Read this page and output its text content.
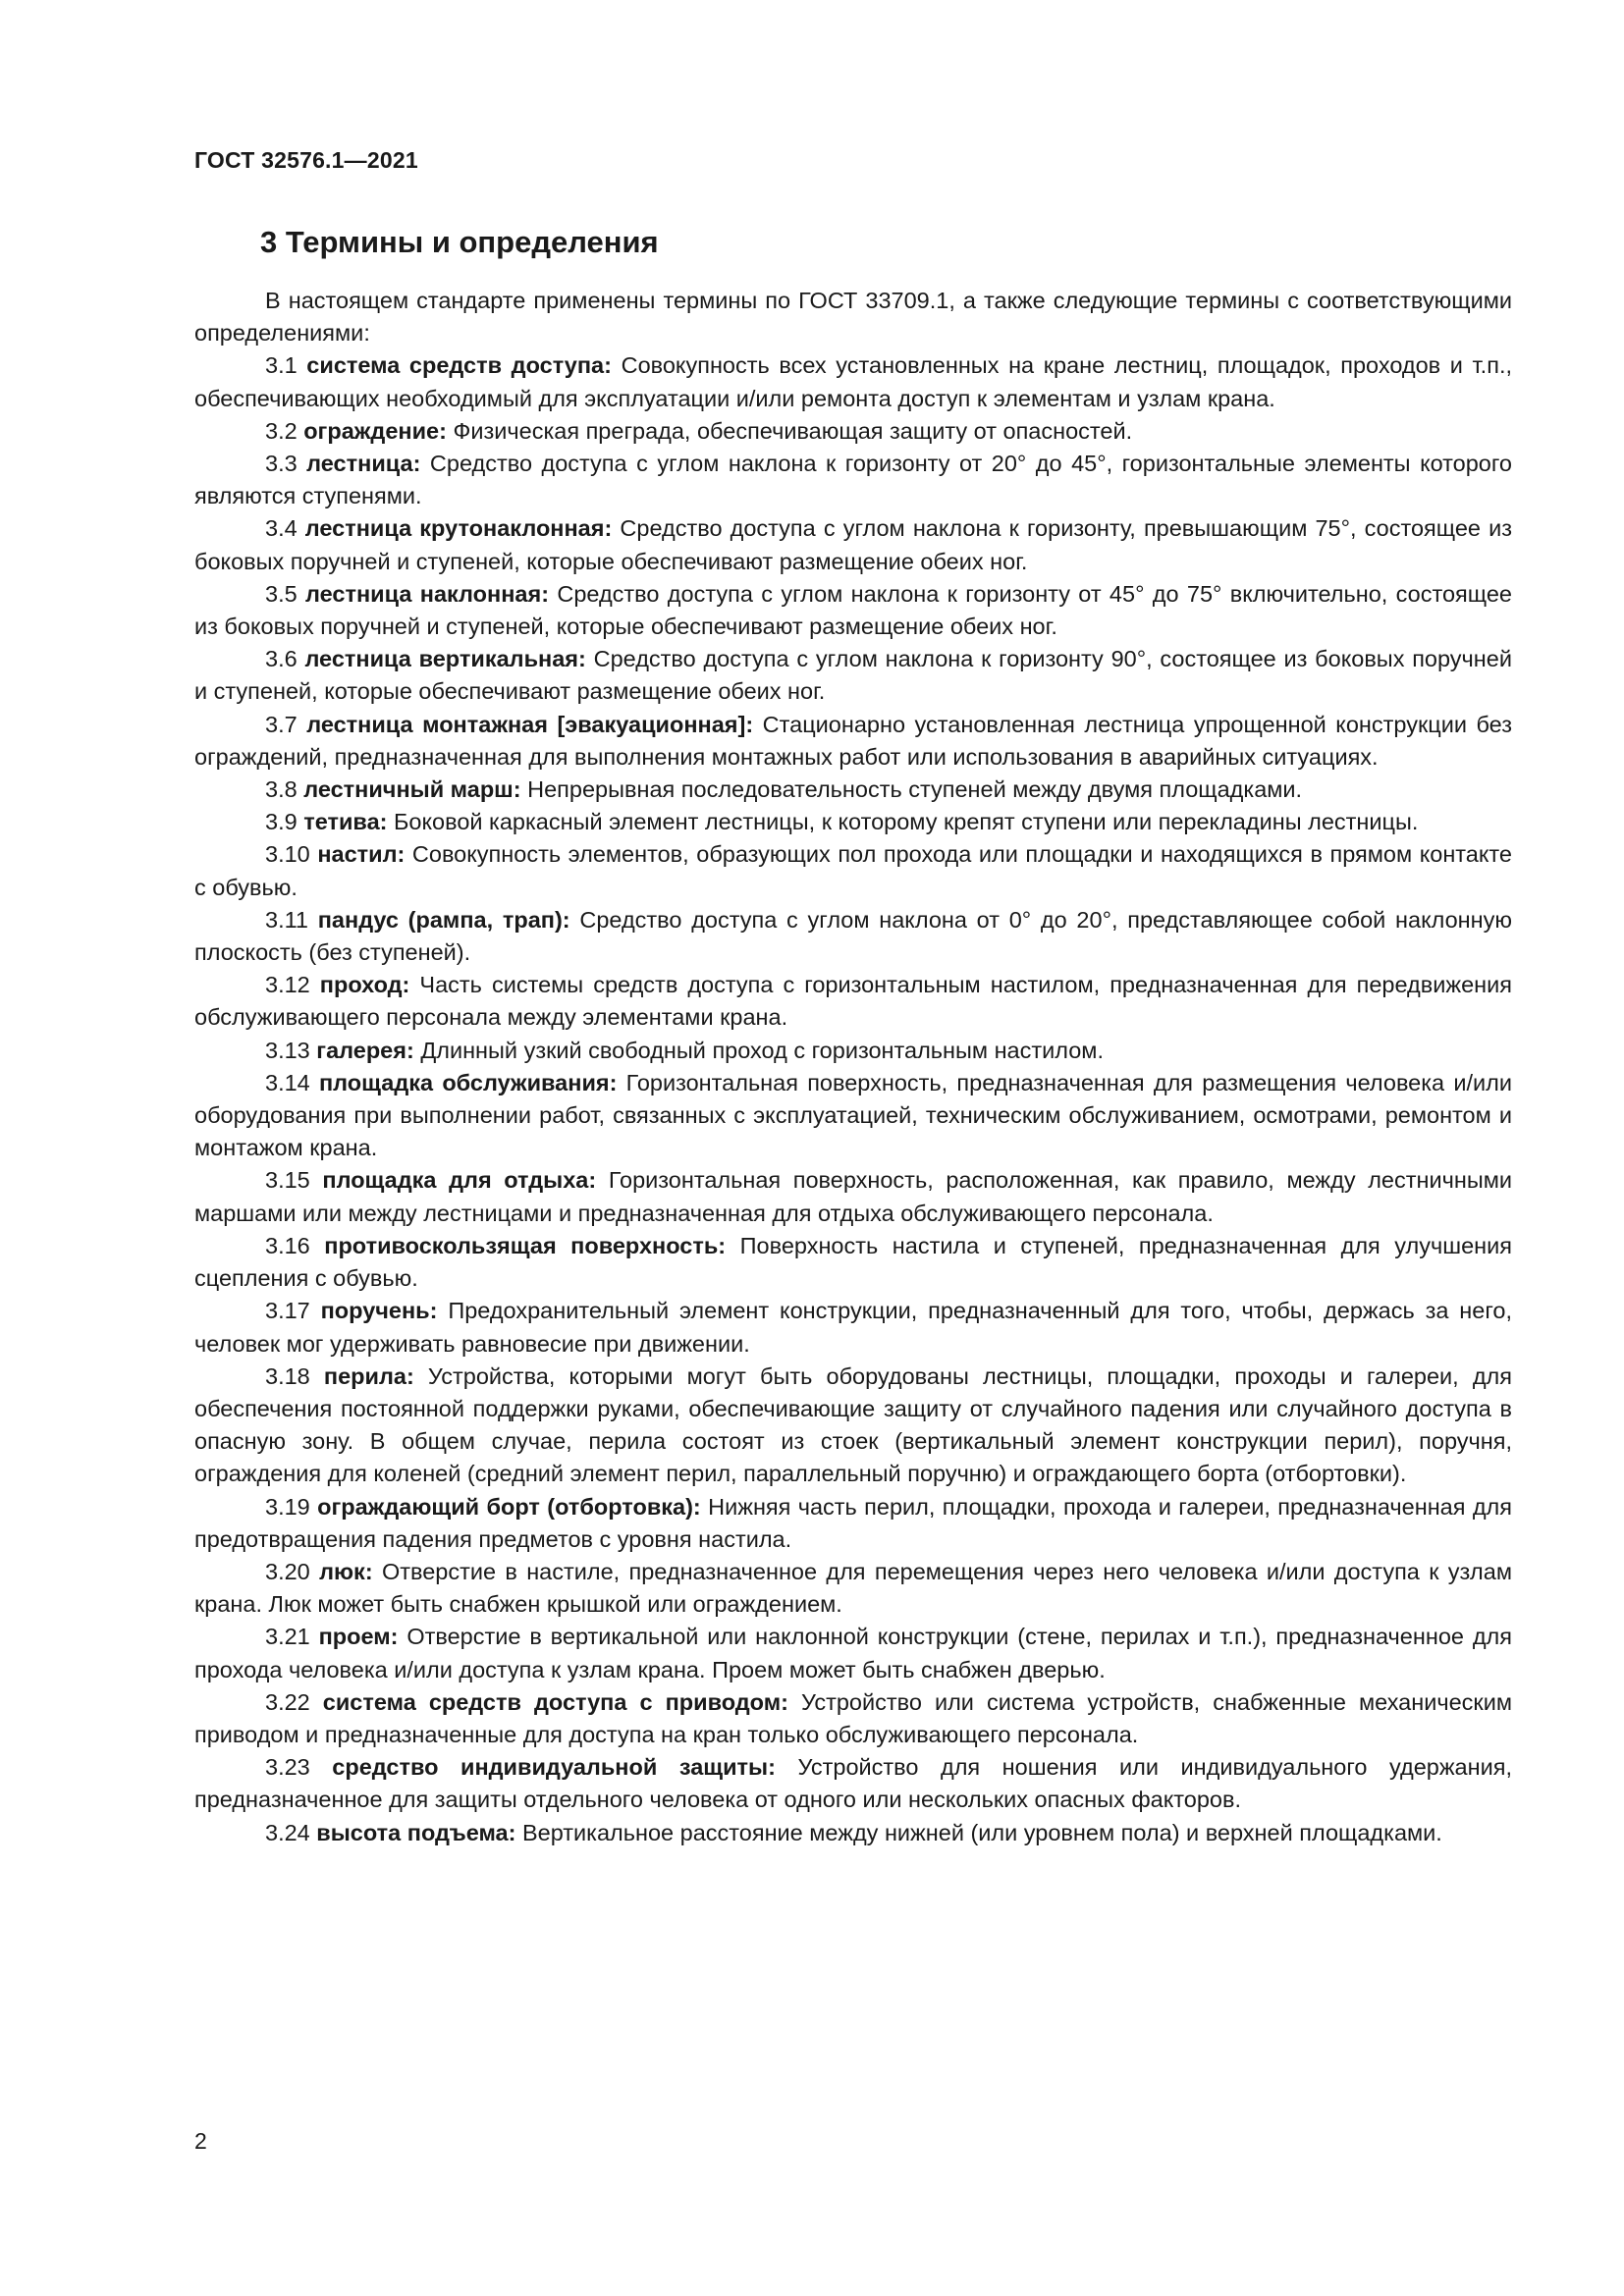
ГОСТ 32576.1—2021
3 Термины и определения

В настоящем стандарте применены термины по ГОСТ 33709.1, а также следующие термины с соответствующими определениями:

3.1 система средств доступа: Совокупность всех установленных на кране лестниц, площадок, проходов и т.п., обеспечивающих необходимый для эксплуатации и/или ремонта доступ к элементам и узлам крана.

3.2 ограждение: Физическая преграда, обеспечивающая защиту от опасностей.

3.3 лестница: Средство доступа с углом наклона к горизонту от 20° до 45°, горизонтальные элементы которого являются ступенями.

3.4 лестница крутонаклонная: Средство доступа с углом наклона к горизонту, превышающим 75°, состоящее из боковых поручней и ступеней, которые обеспечивают размещение обеих ног.

3.5 лестница наклонная: Средство доступа с углом наклона к горизонту от 45° до 75° включительно, состоящее из боковых поручней и ступеней, которые обеспечивают размещение обеих ног.

3.6 лестница вертикальная: Средство доступа с углом наклона к горизонту 90°, состоящее из боковых поручней и ступеней, которые обеспечивают размещение обеих ног.

3.7 лестница монтажная [эвакуационная]: Стационарно установленная лестница упрощенной конструкции без ограждений, предназначенная для выполнения монтажных работ или использования в аварийных ситуациях.

3.8 лестничный марш: Непрерывная последовательность ступеней между двумя площадками.

3.9 тетива: Боковой каркасный элемент лестницы, к которому крепят ступени или перекладины лестницы.

3.10 настил: Совокупность элементов, образующих пол прохода или площадки и находящихся в прямом контакте с обувью.

3.11 пандус (рампа, трап): Средство доступа с углом наклона от 0° до 20°, представляющее собой наклонную плоскость (без ступеней).

3.12 проход: Часть системы средств доступа с горизонтальным настилом, предназначенная для передвижения обслуживающего персонала между элементами крана.

3.13 галерея: Длинный узкий свободный проход с горизонтальным настилом.

3.14 площадка обслуживания: Горизонтальная поверхность, предназначенная для размещения человека и/или оборудования при выполнении работ, связанных с эксплуатацией, техническим обслуживанием, осмотрами, ремонтом и монтажом крана.

3.15 площадка для отдыха: Горизонтальная поверхность, расположенная, как правило, между лестничными маршами или между лестницами и предназначенная для отдыха обслуживающего персонала.

3.16 противоскользящая поверхность: Поверхность настила и ступеней, предназначенная для улучшения сцепления с обувью.

3.17 поручень: Предохранительный элемент конструкции, предназначенный для того, чтобы, держась за него, человек мог удерживать равновесие при движении.

3.18 перила: Устройства, которыми могут быть оборудованы лестницы, площадки, проходы и галереи, для обеспечения постоянной поддержки руками, обеспечивающие защиту от случайного падения или случайного доступа в опасную зону. В общем случае, перила состоят из стоек (вертикальный элемент конструкции перил), поручня, ограждения для коленей (средний элемент перил, параллельный поручню) и ограждающего борта (отбортовки).

3.19 ограждающий борт (отбортовка): Нижняя часть перил, площадки, прохода и галереи, предназначенная для предотвращения падения предметов с уровня настила.

3.20 люк: Отверстие в настиле, предназначенное для перемещения через него человека и/или доступа к узлам крана. Люк может быть снабжен крышкой или ограждением.

3.21 проем: Отверстие в вертикальной или наклонной конструкции (стене, перилах и т.п.), предназначенное для прохода человека и/или доступа к узлам крана. Проем может быть снабжен дверью.

3.22 система средств доступа с приводом: Устройство или система устройств, снабженные механическим приводом и предназначенные для доступа на кран только обслуживающего персонала.

3.23 средство индивидуальной защиты: Устройство для ношения или индивидуального удержания, предназначенное для защиты отдельного человека от одного или нескольких опасных факторов.

3.24 высота подъема: Вертикальное расстояние между нижней (или уровнем пола) и верхней площадками.

2
